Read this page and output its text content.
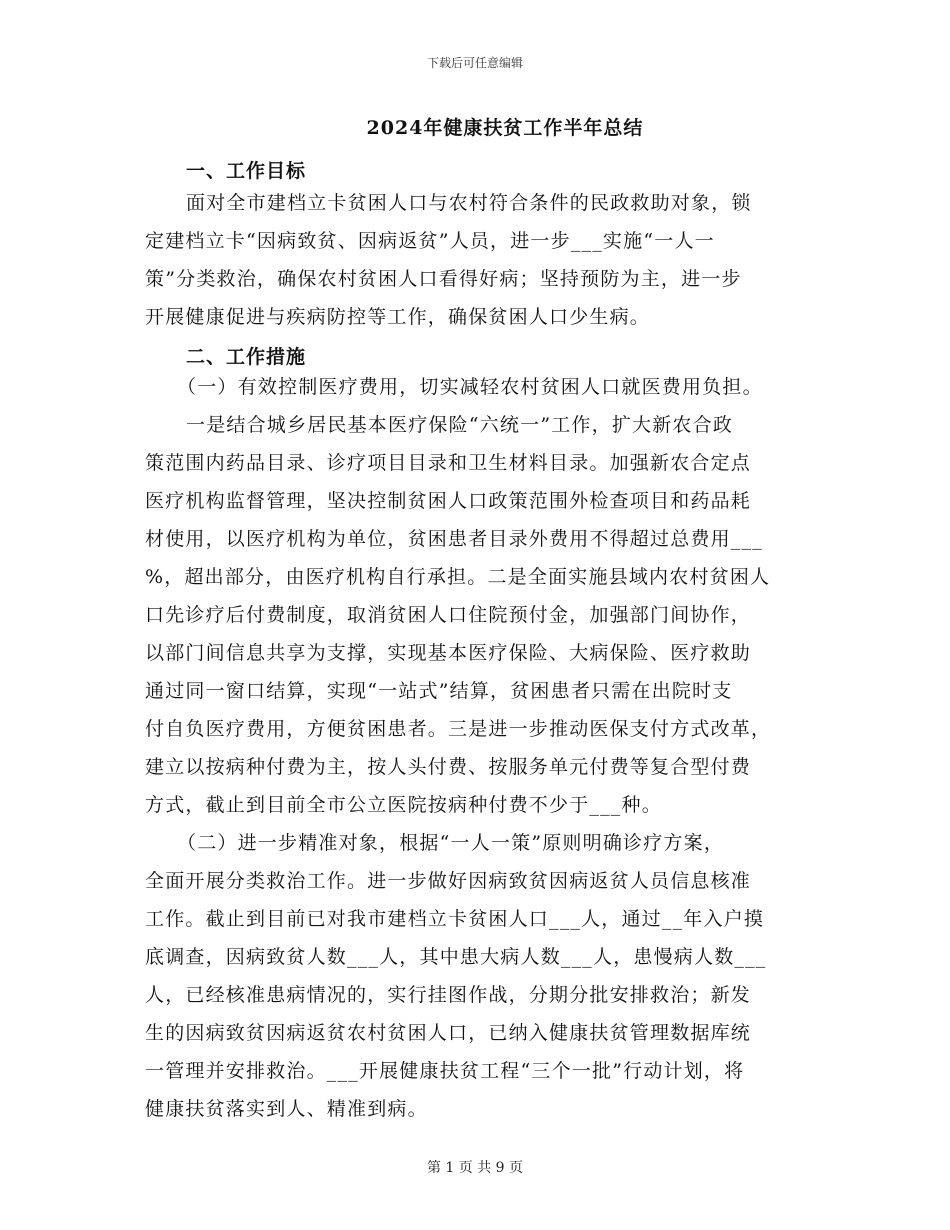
下载后可任意编辑
2024年健康扶贫工作半年总结
一、工作目标
面对全市建档立卡贫困人口与农村符合条件的民政救助对象，锁
定建档立卡“因病致贫、因病返贫”人员，进一步___实施“一人一
策”分类救治，确保农村贫困人口看得好病；坚持预防为主，进一步
开展健康促进与疾病防控等工作，确保贫困人口少生病。
二、工作措施
（一）有效控制医疗费用，切实减轻农村贫困人口就医费用负担。
一是结合城乡居民基本医疗保险“六统一”工作，扩大新农合政
策范围内药品目录、诊疗项目目录和卫生材料目录。加强新农合定点
医疗机构监督管理，坚决控制贫困人口政策范围外检查项目和药品耗
材使用，以医疗机构为单位，贫困患者目录外费用不得超过总费用___
%，超出部分，由医疗机构自行承担。二是全面实施县域内农村贫困人
口先诊疗后付费制度，取消贫困人口住院预付金，加强部门间协作，
以部门间信息共享为支撑，实现基本医疗保险、大病保险、医疗救助
通过同一窗口结算，实现“一站式”结算，贫困患者只需在出院时支
付自负医疗费用，方便贫困患者。三是进一步推动医保支付方式改革，
建立以按病种付费为主，按人头付费、按服务单元付费等复合型付费
方式，截止到目前全市公立医院按病种付费不少于___种。
（二）进一步精准对象，根据“一人一策”原则明确诊疗方案，
全面开展分类救治工作。进一步做好因病致贫因病返贫人员信息核准
工作。截止到目前已对我市建档立卡贫困人口___人，通过__年入户摸
底调查，因病致贫人数___人，其中患大病人数___人，患慢病人数___
人，已经核准患病情况的，实行挂图作战，分期分批安排救治；新发
生的因病致贫因病返贫农村贫困人口，已纳入健康扶贫管理数据库统
一管理并安排救治。___开展健康扶贫工程“三个一批”行动计划，将
健康扶贫落实到人、精准到病。
第 1 页 共 9 页
